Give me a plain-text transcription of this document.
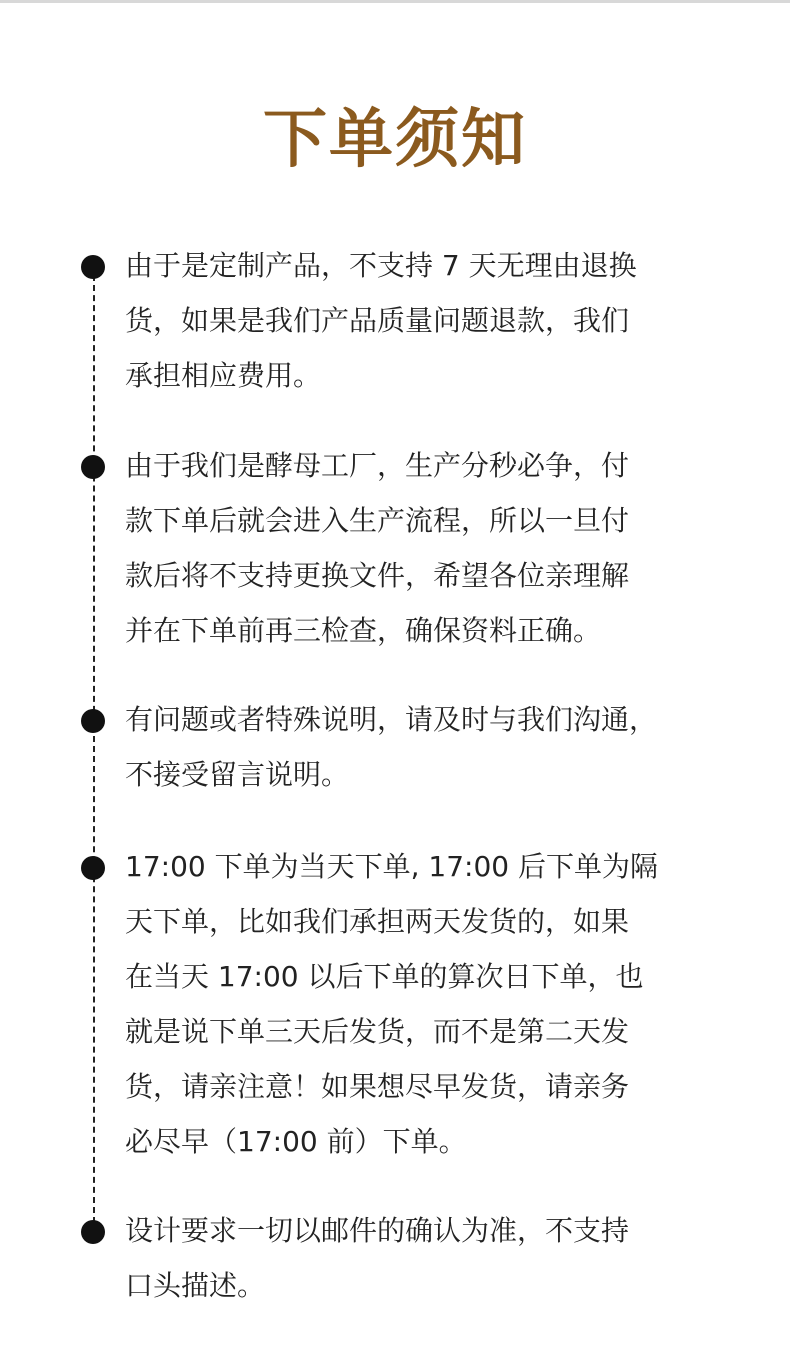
下单须知

由于是定制产品，不支持 7 天无理由退换
货，如果是我们产品质量问题退款，我们
承担相应费用。

由于我们是酵母工厂，生产分秒必争，付
款下单后就会进入生产流程，所以一旦付
款后将不支持更换文件，希望各位亲理解
并在下单前再三检查，确保资料正确。

有问题或者特殊说明，请及时与我们沟通，
不接受留言说明。

17:00 下单为当天下单, 17:00 后下单为隔
天下单，比如我们承担两天发货的，如果
在当天 17:00 以后下单的算次日下单，也
就是说下单三天后发货，而不是第二天发
货，请亲注意！如果想尽早发货，请亲务
必尽早（17:00 前）下单。

设计要求一切以邮件的确认为准，不支持
口头描述。
